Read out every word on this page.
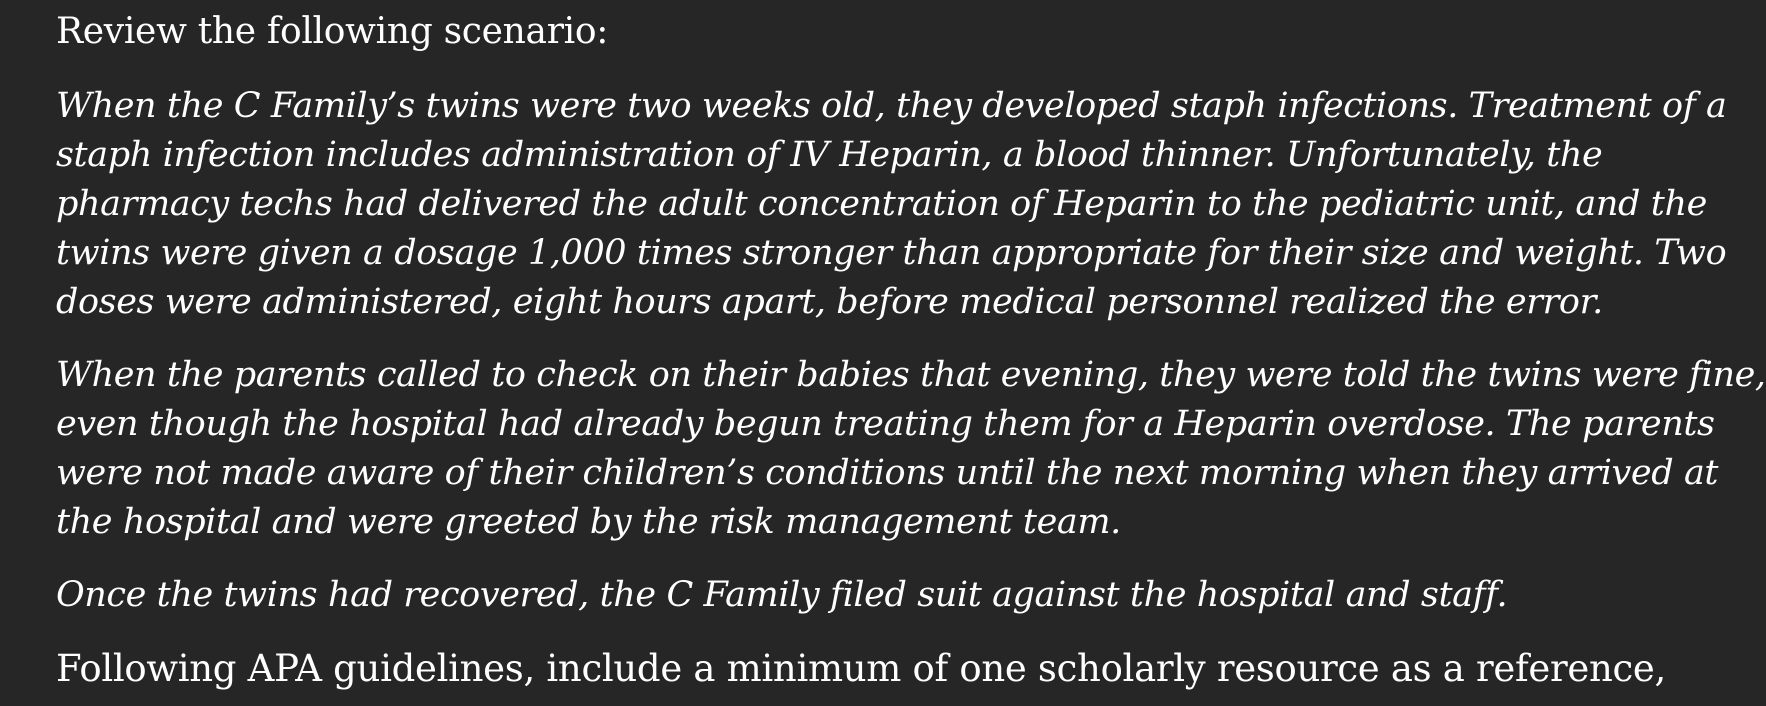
Review the following scenario:

When the C Family’s twins were two weeks old, they developed staph infections. Treatment of a
staph infection includes administration of IV Heparin, a blood thinner. Unfortunately, the
pharmacy techs had delivered the adult concentration of Heparin to the pediatric unit, and the
twins were given a dosage 1,000 times stronger than appropriate for their size and weight. Two
doses were administered, eight hours apart, before medical personnel realized the error.

When the parents called to check on their babies that evening, they were told the twins were fine,
even though the hospital had already begun treating them for a Heparin overdose. The parents
were not made aware of their children’s conditions until the next morning when they arrived at
the hospital and were greeted by the risk management team.

Once the twins had recovered, the C Family filed suit against the hospital and staff.

Following APA guidelines, include a minimum of one scholarly resource as a reference,
